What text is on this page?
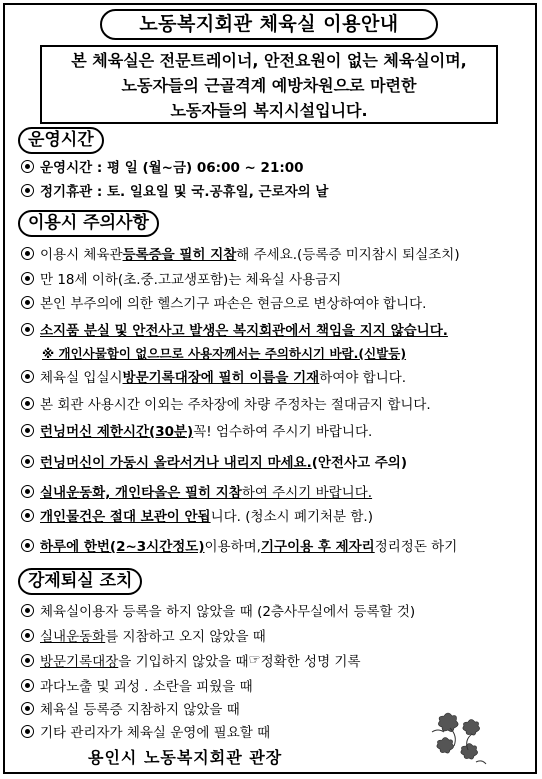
노동복지회관 체육실 이용안내
본 체육실은 전문트레이너, 안전요원이 없는 체육실이며,
노동자들의 근골격계 예방차원으로 마련한
노동자들의 복지시설입니다.
운영시간
운영시간 : 평 일 (월~금) 06:00 ~ 21:00
정기휴관 : 토. 일요일 및 국.공휴일, 근로자의 날
이용시 주의사항
이용시 체육관 등록증을 필히 지참 해 주세요.(등록증 미지참시 퇴실조치)
만 18세 이하(초.중.고교생포함)는 체육실 사용금지
본인 부주의에 의한 헬스기구 파손은 현금으로 변상하여야 합니다.
소지품 분실 및 안전사고 발생은 복지회관에서 책임을 지지 않습니다.
※ 개인사물함이 없으므로 사용자께서는 주의하시기 바람.(신발등)
체육실 입실시 방문기록대장에 필히 이름을 기재 하여야 합니다.
본 회관 사용시간 이외는 주차장에 차량 주정차는 절대금지 합니다.
런닝머신 제한시간(30분) 꼭! 엄수하여 주시기 바랍니다.
런닝머신이 가동시 올라서거나 내리지 마세요. (안전사고 주의)
실내운동화, 개인타올은 필히 지참 하여 주시기 바랍니다.
개인물건은 절대 보관이 안됩 니다. (청소시 폐기처분 함.)
하루에 한번(2~3시간정도) 이용하며, 기구이용 후 제자리 정리정돈 하기
강제퇴실 조치
체육실이용자 등록을 하지 않았을 때 (2층사무실에서 등록할 것)
실내운동화 를 지참하고 오지 않았을 때
방문기록대장 을 기입하지 않았을 때 ☞ 정확한 성명 기록
과다노출 및 괴성 . 소란을 피웠을 때
체육실 등록증 지참하지 않았을 때
기타 관리자가 체육실 운영에 필요할 때
용인시 노동복지회관 관장
